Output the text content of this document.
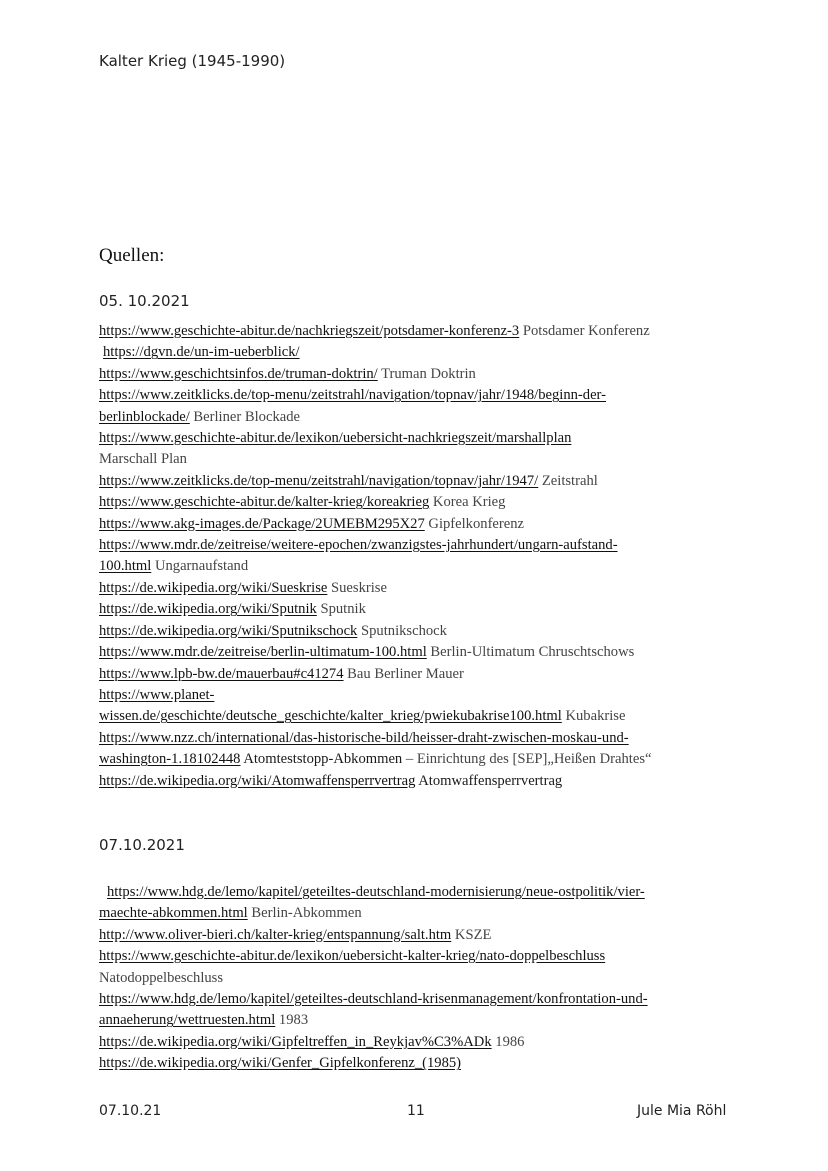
Kalter Krieg (1945-1990)
Quellen:
05. 10.2021
https://www.geschichte-abitur.de/nachkriegszeit/potsdamer-konferenz-3 Potsdamer Konferenz
https://dgvn.de/un-im-ueberblick/
https://www.geschichtsinfos.de/truman-doktrin/ Truman Doktrin
https://www.zeitklicks.de/top-menu/zeitstrahl/navigation/topnav/jahr/1948/beginn-der-
berlinblockade/ Berliner Blockade
https://www.geschichte-abitur.de/lexikon/uebersicht-nachkriegszeit/marshallplan
Marschall Plan
https://www.zeitklicks.de/top-menu/zeitstrahl/navigation/topnav/jahr/1947/ Zeitstrahl
https://www.geschichte-abitur.de/kalter-krieg/koreakrieg Korea Krieg
https://www.akg-images.de/Package/2UMEBM295X27 Gipfelkonferenz
https://www.mdr.de/zeitreise/weitere-epochen/zwanzigstes-jahrhundert/ungarn-aufstand-
100.html Ungarnaufstand
https://de.wikipedia.org/wiki/Sueskrise Sueskrise
https://de.wikipedia.org/wiki/Sputnik Sputnik
https://de.wikipedia.org/wiki/Sputnikschock Sputnikschock
https://www.mdr.de/zeitreise/berlin-ultimatum-100.html Berlin-Ultimatum Chruschtschows
https://www.lpb-bw.de/mauerbau#c41274 Bau Berliner Mauer
https://www.planet-
wissen.de/geschichte/deutsche_geschichte/kalter_krieg/pwiekubakrise100.html Kubakrise
https://www.nzz.ch/international/das-historische-bild/heisser-draht-zwischen-moskau-und-
washington-1.18102448 Atomteststopp-Abkommen – Einrichtung des [SEP]„Heißen Drahtes“
https://de.wikipedia.org/wiki/Atomwaffensperrvertrag Atomwaffensperrvertrag
07.10.2021
https://www.hdg.de/lemo/kapitel/geteiltes-deutschland-modernisierung/neue-ostpolitik/vier-
maechte-abkommen.html Berlin-Abkommen
http://www.oliver-bieri.ch/kalter-krieg/entspannung/salt.htm KSZE
https://www.geschichte-abitur.de/lexikon/uebersicht-kalter-krieg/nato-doppelbeschluss
Natodoppelbeschluss
https://www.hdg.de/lemo/kapitel/geteiltes-deutschland-krisenmanagement/konfrontation-und-
annaeherung/wettruesten.html 1983
https://de.wikipedia.org/wiki/Gipfeltreffen_in_Reykjav%C3%ADk 1986
https://de.wikipedia.org/wiki/Genfer_Gipfelkonferenz_(1985)
07.10.21	11	Jule Mia Röhl
